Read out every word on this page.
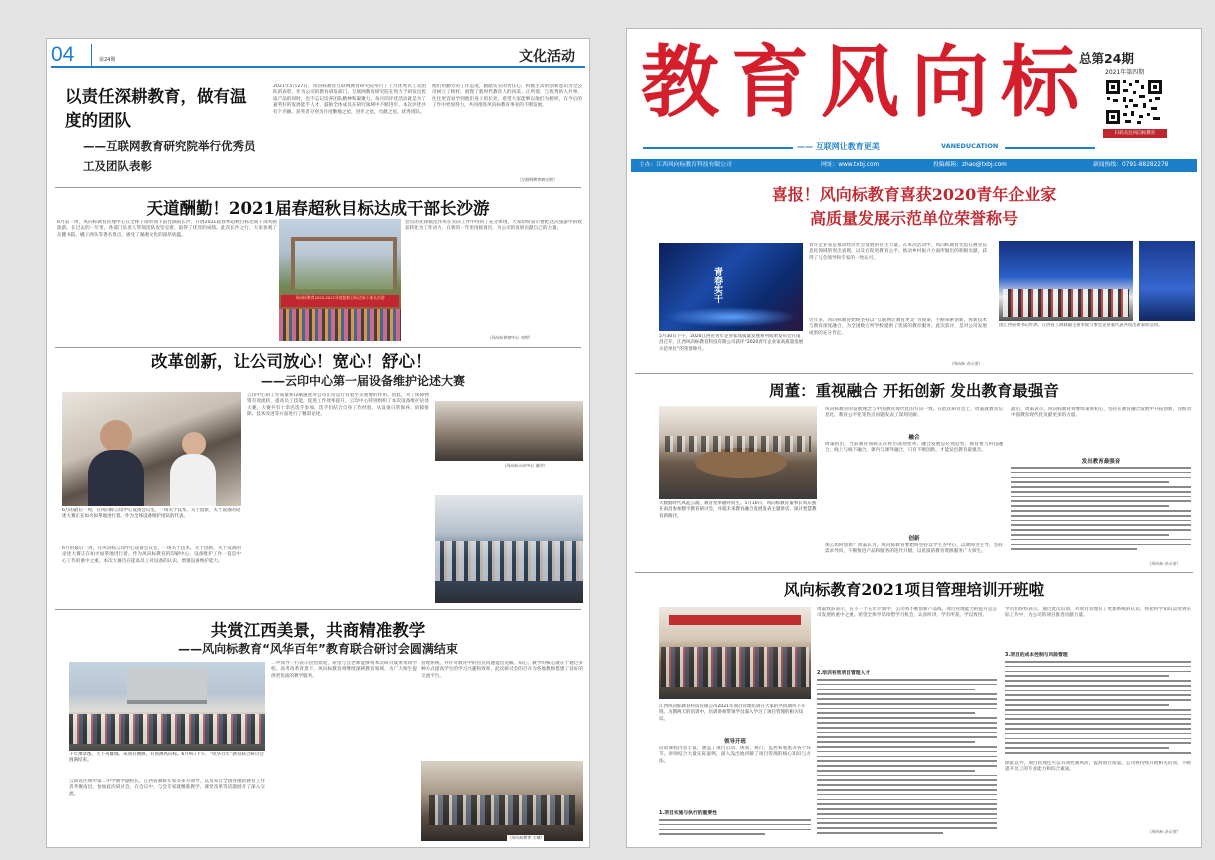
04	第24期	文化活动
以责任深耕教育，做有温度的团队
——互联网教育研究院举行优秀员工及团队表彰
2021年5月27日，风向标教育互联网教育研究院举行了上月优秀员工及团队的表彰，作为公司的教育研发部门，互联网教育研究院在致力于研发出优质产品的同时，也不忘记培养团队精神和凝聚力。每月的评优活动就是为了嘉奖好的发展能手人才，鼓励全体成员在研究领域中不断进步。本次评优共有个名额。获奖者分别为月度勤勉之星，进步之星，贡献之星，优秀团队。
他们用勤劳的工作态度，踏踏实实的责任心，积极主动的创新意识为全公司树立了榜样，展现了新时代教育人的风采。正所谓，与优秀的人共事，往往更容易学到他们身上的长处，希望大家能够以他们为榜样，在今后的工作中更加努力，共同推进风向标教育事业的不断发展。
（互联网教育研究院）
天道酬勤！2021届春超秋目标达成干部长沙游
6月第一周，风向标教育管理中心在全体干部带领下前往湖南长沙，开展2021届春季超秋目标达成干部奖励旅游。在过去的一年里，各部门负责人带领团队攻坚克难，取得了优异的成绩。此次长沙之行，大家参观了岳麓书院、橘子洲头等著名景点，感受了湖湘文化的深厚底蕴。
风向标教育2020-2021年度超秋目标达成干部长沙游
党员的先锋模范作用在实际工作中得到了充分体现，大家纷纷表示要把这次旅游中的收获转化为工作动力，在新的一年里再接再厉，为公司的发展贡献自己的力量。
（风向标管理中心 刘明）
改革创新，让公司放心！宽心！舒心！
——云印中心第一届设备维护论述大赛
6月的最后一周，在风向标云印中心设备会议室，一场关于技术，关于创新，关于设备的论述大赛正在如火如荼地进行着。作为全体设备维护团队的代表。
6月的最后一周，在风向标云印中心设备会议室，一场关于技术、关于创新、关于设备的论述大赛正在如火如荼地进行着。作为风向标教育的印刷中心，设备维护工作一直是中心工作的重中之重。本次大赛旨在提高员工对设备的认识，增强设备维护能力。
云印中心的工作质量和印刷速度对公司正常运行有着至关重要的作用。因此，为了保障物资有效流转，提高员工技能，促进工作效率提升，云印中心特别组织了本次设备维护论述大赛。大赛共有十余名选手参加，选手们结合自身工作经验，从设备日常保养、故障排除、技术改进等方面进行了精彩论述。
（风向标云印中心 谢洋）
共赏江西美景，共商精准教学
——风向标教育“风华百年”教育联合研讨会圆满结束
千年豫章郡，天下英雄城。该项有溯源、有预测风向标。6月9日下午，“风华百年”教育联合研讨会圆满结束。
云南省区域中第二中学教学副校长，江西省教研专家等多方领导，以及来自全国各地的教育工作者齐聚南昌，参加此次研讨会。在会议中，与会专家就精准教学、课堂改革等话题展开了深入交流。
二中领导一行表示热烈欢迎，希望与会老师能够将本次研讨成果带回学校。高考改革背景下，风向标教育将继续深耕教育领域，为广大师生提供更优质的教学服务。
管理系统，并针对教育中的热点问题提出见解。知心、教学的核心就在于通过多种方式提高学生的学习兴趣和效率，此次研讨会的召开为各地教师搭建了良好的交流平台。
（风向标教育 王娜）
教育风向标
总第24期
2021年第四期
扫码关注风向标教育
—— 互联网让教育更美	VANEDUCATION
主办：江西风向标教育科技有限公司	网址：www.txbj.com	投稿邮箱：zhao@txbj.com	新闻热线：0791-88282278
喜报！风向标教育喜获2020青年企业家
高质量发展示范单位荣誉称号
青春实干
5月30日下午，2020江西省青年企业家高质量发展系列成果发布会在南昌召开。江西风向标教育科技有限公司获评“2020青年企业家高质量发展示范单位”的荣誉称号。
青年企业家是推动经济社会发展的有生力量。在本次活动中，风向标教育凭借在教育信息化领域的突出表现，以及在促进教育公平、推动乡村振兴方面所做出的积极贡献，获得了与会领导和专家的一致认可。
近年来，风向标教育始终坚持以“互联网让教育更美”为使命，不断探索创新，将新技术与教育深度融合，为全国数万所学校提供了优质的教育服务。此次获评，是对公司发展成果的充分肯定。
（风向标 办公室）
团江西省委书记叶鸿、江西省工商联副主席李虎与参会企业家代表共同出席表彰活动。
周董：重视融合 开拓创新 发出教育最强音
大数据时代风起云涌，教育变革随时而生。5月10日，风向标教育董事长周东强在南昌参加数字教育研讨会，并就未来教育融合发展发表主题讲话，探讨智慧教育新路径。
风向标教育的发展理念与中国教育现代化的方向一致。在此次研讨会上，周董就教育信息化、教育公平化等热点问题发表了深刻见解。
融合
周董指出，当前教育领域正在经历深刻变革，融合发展是必然趋势。教育要与科技融合，线上与线下融合，课内与课外融合，只有不断创新，才能发出教育最强音。
创新
那么如何创新？周董认为，风向标教育要始终坚持以学生为中心，以教师为主导，坚持需求导向，不断推进产品和服务的迭代升级，以优质的教育资源服务广大师生。
最后，周董表示，风向标教育将继续秉承初心，坚持在教育融合发展中开拓创新，为推动中国教育现代化贡献更多的力量。
发出教育最强音
（风向标 办公室）
风向标教育2021项目管理培训开班啦
江西风向标教育科技有限公司2021年项目管理培训在大家的共同期待下开班。为期两天的培训中，培训讲师带领学员深入学习了项目管理的相关知识。
领导开班
培训课程内容丰富，涵盖了项目启动、规划、执行、监控和收尾等各个环节。讲师结合大量实际案例，深入浅出地讲解了项目管理的核心知识与方法。
1.项目实施与执行的重要性
周董致辞表示，在下一个五年计划中，公司将不断创新产品线，项目管理能力的提升是公司发展的重中之重。希望全体学员珍惜学习机会，认真听讲，学有所获，学以致用。
2.培训有效项目管理人才
学员们纷纷表示，通过此次培训，对项目管理有了更加系统的认识，将把所学知识运用到实际工作中，为公司的项目推进贡献力量。
3.项目的成本控制与风险管理
除此以外，项目管理还可以有效控制风险，提高项目质量。公司将持续开展相关培训，不断提升员工的专业能力和综合素质。
（风向标 办公室）
